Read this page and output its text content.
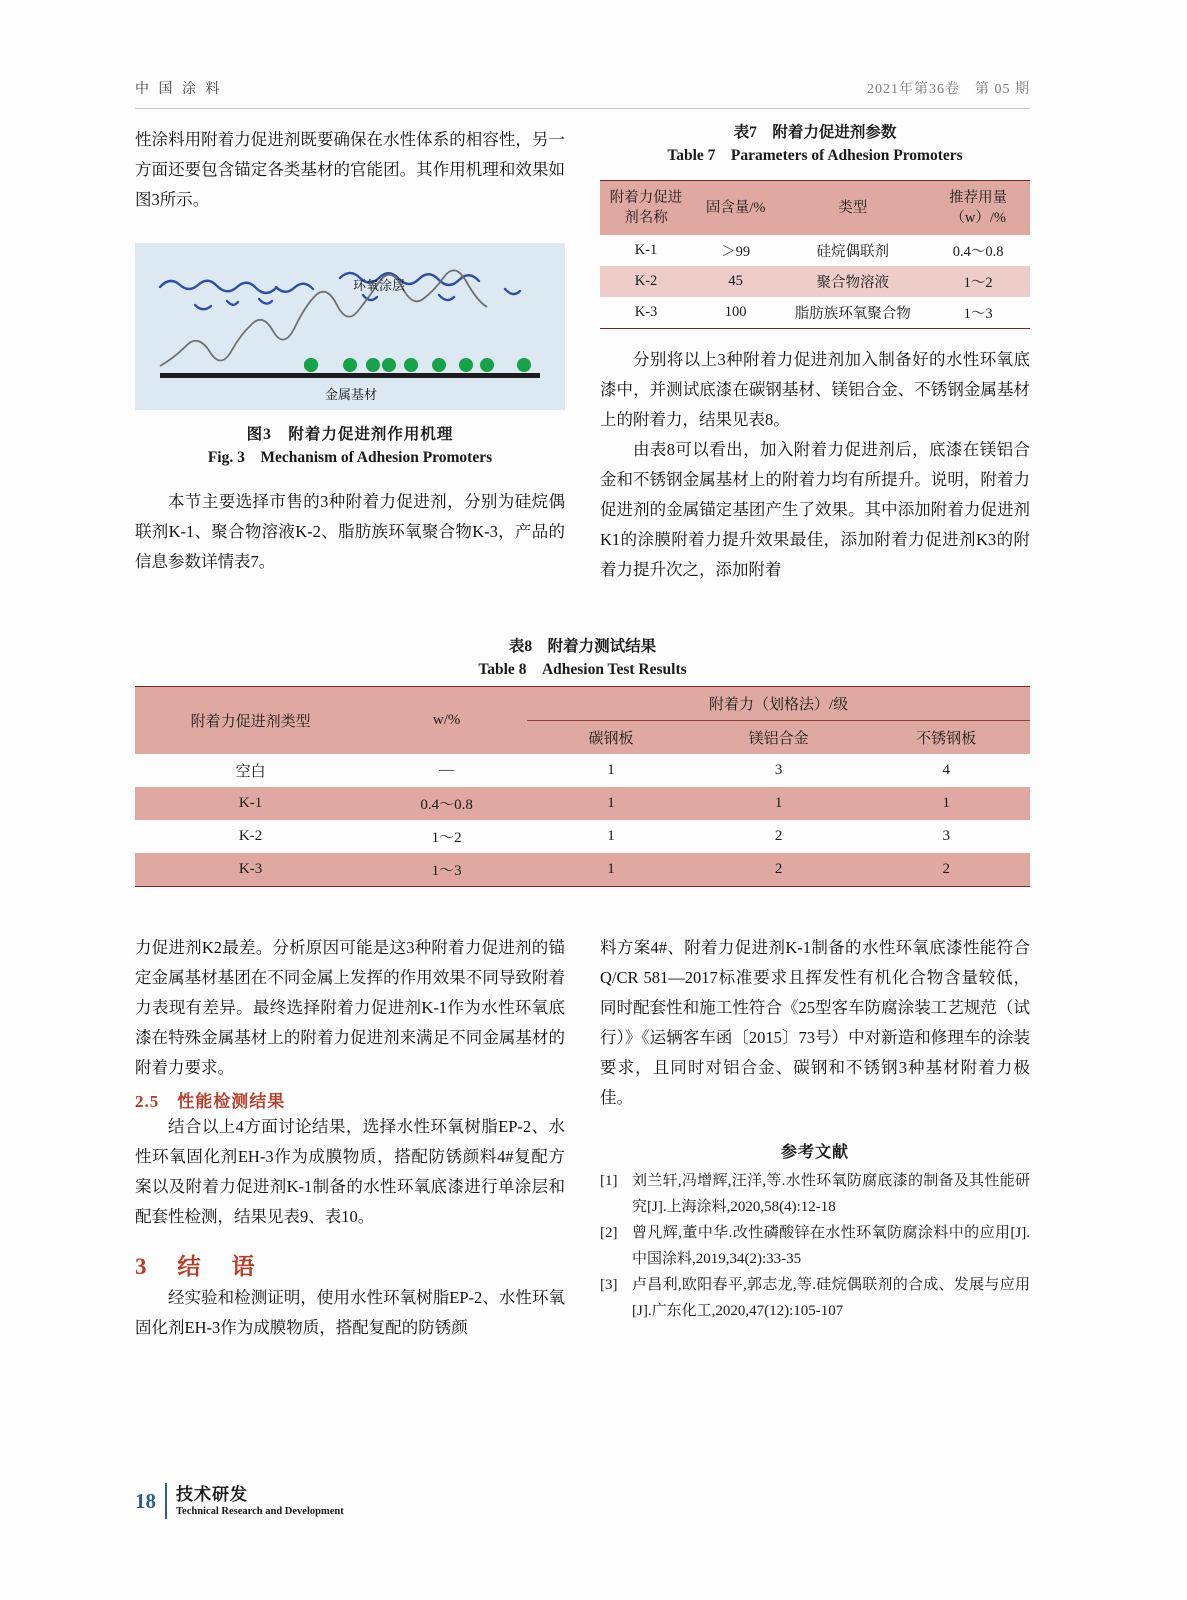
中 国 涂 料	2021年第36卷　第 05 期
性涂料用附着力促进剂既要确保在水性体系的相容性，另一方面还要包含锚定各类基材的官能团。其作用机理和效果如图3所示。
环氧涂层
金属基材
图3　附着力促进剂作用机理
Fig. 3　Mechanism of Adhesion Promoters
本节主要选择市售的3种附着力促进剂，分别为硅烷偶联剂K-1、聚合物溶液K-2、脂肪族环氧聚合物K-3，产品的信息参数详情表7。
表7　附着力促进剂参数
Table 7　Parameters of Adhesion Promoters
附着力促进剂名称	固含量/%	类型	推荐用量（w）/%
K-1	＞99	硅烷偶联剂	0.4～0.8
K-2	45	聚合物溶液	1～2
K-3	100	脂肪族环氧聚合物	1～3
分别将以上3种附着力促进剂加入制备好的水性环氧底漆中，并测试底漆在碳钢基材、镁铝合金、不锈钢金属基材上的附着力，结果见表8。
由表8可以看出，加入附着力促进剂后，底漆在镁铝合金和不锈钢金属基材上的附着力均有所提升。说明，附着力促进剂的金属锚定基团产生了效果。其中添加附着力促进剂K1的涂膜附着力提升效果最佳，添加附着力促进剂K3的附着力提升次之，添加附着
表8　附着力测试结果
Table 8　Adhesion Test Results
附着力促进剂类型	w/%	附着力（划格法）/级		
		碳钢板	镁铝合金	不锈钢板
空白	—	1	3	4
K-1	0.4～0.8	1	1	1
K-2	1～2	1	2	3
K-3	1～3	1	2	2
力促进剂K2最差。分析原因可能是这3种附着力促进剂的锚定金属基材基团在不同金属上发挥的作用效果不同导致附着力表现有差异。最终选择附着力促进剂K-1作为水性环氧底漆在特殊金属基材上的附着力促进剂来满足不同金属基材的附着力要求。
2.5　性能检测结果
结合以上4方面讨论结果，选择水性环氧树脂EP-2、水性环氧固化剂EH-3作为成膜物质，搭配防锈颜料4#复配方案以及附着力促进剂K-1制备的水性环氧底漆进行单涂层和配套性检测，结果见表9、表10。
3　结　语
经实验和检测证明，使用水性环氧树脂EP-2、水性环氧固化剂EH-3作为成膜物质，搭配复配的防锈颜
料方案4#、附着力促进剂K-1制备的水性环氧底漆性能符合Q/CR 581—2017标准要求且挥发性有机化合物含量较低，同时配套性和施工性符合《25型客车防腐涂装工艺规范（试行）》《运辆客车函〔2015〕73号）中对新造和修理车的涂装要求，且同时对铝合金、碳钢和不锈钢3种基材附着力极佳。
参考文献
[1] 刘兰轩,冯增辉,汪洋,等.水性环氧防腐底漆的制备及其性能研究[J].上海涂料,2020,58(4):12-18
[2] 曾凡辉,董中华.改性磷酸锌在水性环氧防腐涂料中的应用[J].中国涂料,2019,34(2):33-35
[3] 卢昌利,欧阳春平,郭志龙,等.硅烷偶联剂的合成、发展与应用[J].广东化工,2020,47(12):105-107
18	技术研发
Technical Research and Development
